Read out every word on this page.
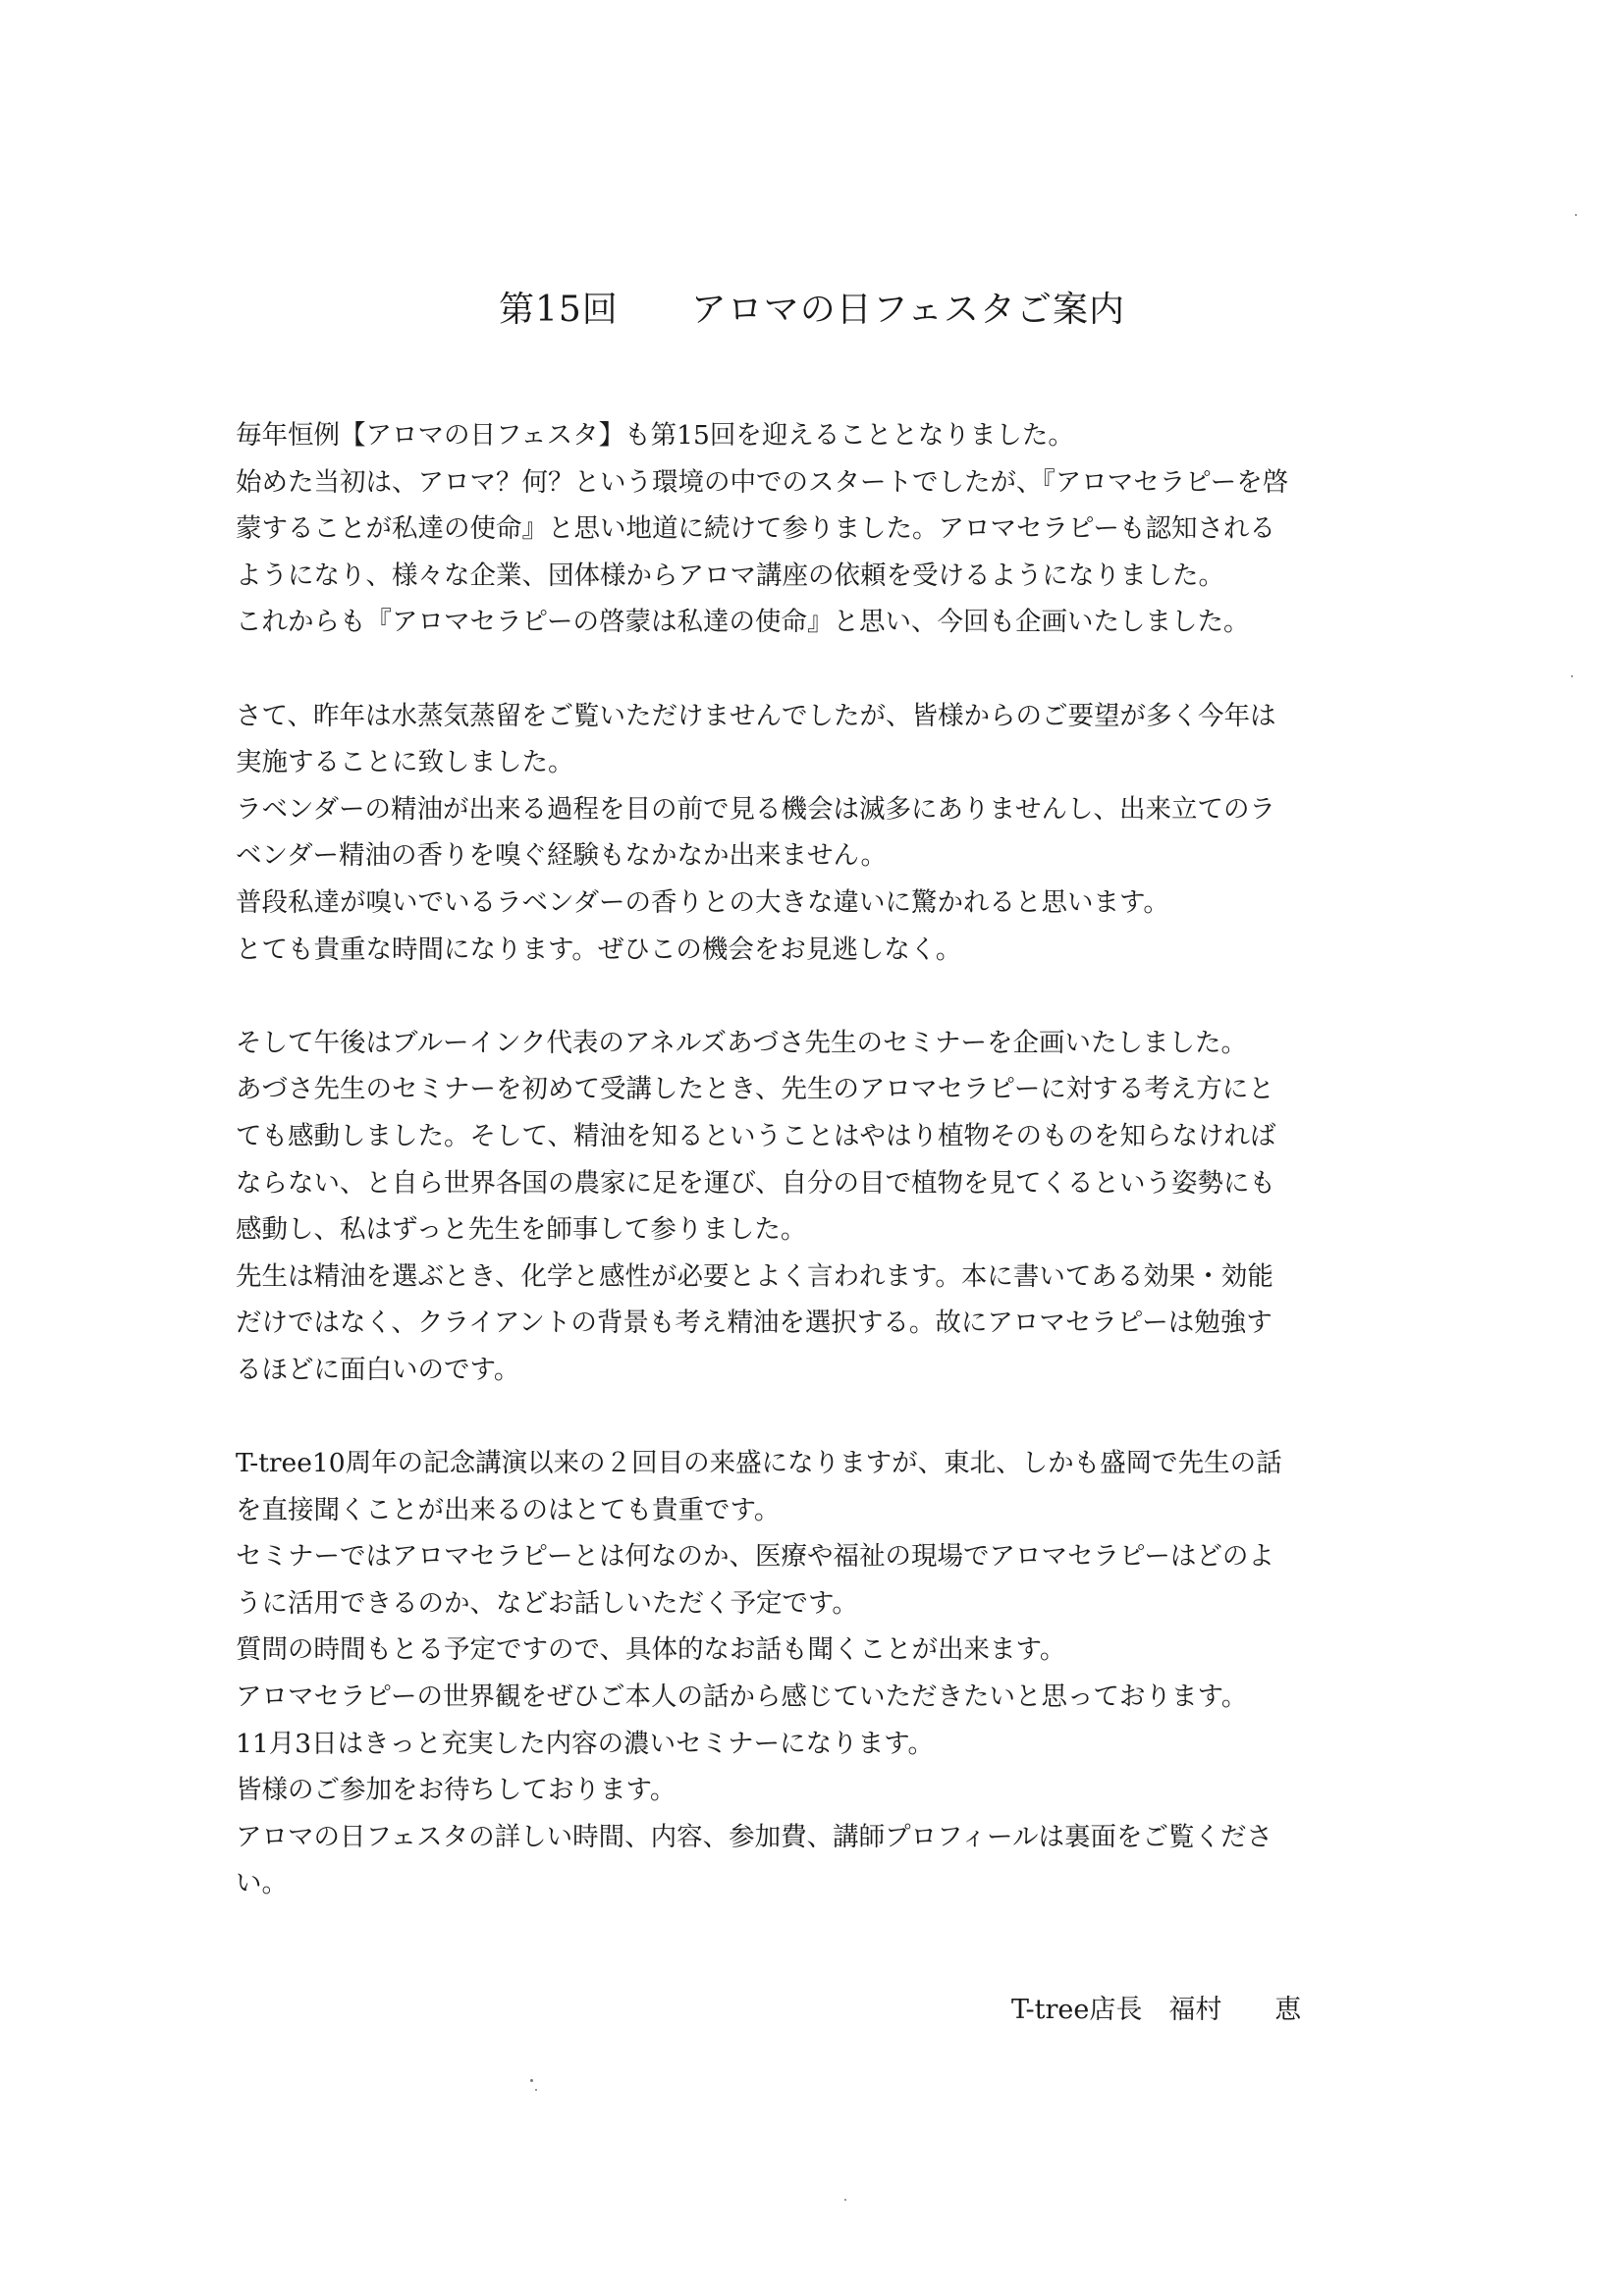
第15回　　アロマの日フェスタご案内
毎年恒例【アロマの日フェスタ】も第15回を迎えることとなりました。
始めた当初は、アロマ？何？という環境の中でのスタートでしたが、『アロマセラピーを啓
蒙することが私達の使命』と思い地道に続けて参りました。アロマセラピーも認知される
ようになり、様々な企業、団体様からアロマ講座の依頼を受けるようになりました。
これからも『アロマセラピーの啓蒙は私達の使命』と思い、今回も企画いたしました。
さて、昨年は水蒸気蒸留をご覧いただけませんでしたが、皆様からのご要望が多く今年は
実施することに致しました。
ラベンダーの精油が出来る過程を目の前で見る機会は滅多にありませんし、出来立てのラ
ベンダー精油の香りを嗅ぐ経験もなかなか出来ません。
普段私達が嗅いでいるラベンダーの香りとの大きな違いに驚かれると思います。
とても貴重な時間になります。ぜひこの機会をお見逃しなく。
そして午後はブルーインク代表のアネルズあづさ先生のセミナーを企画いたしました。
あづさ先生のセミナーを初めて受講したとき、先生のアロマセラピーに対する考え方にと
ても感動しました。そして、精油を知るということはやはり植物そのものを知らなければ
ならない、と自ら世界各国の農家に足を運び、自分の目で植物を見てくるという姿勢にも
感動し、私はずっと先生を師事して参りました。
先生は精油を選ぶとき、化学と感性が必要とよく言われます。本に書いてある効果・効能
だけではなく、クライアントの背景も考え精油を選択する。故にアロマセラピーは勉強す
るほどに面白いのです。
T-tree10周年の記念講演以来の２回目の来盛になりますが、東北、しかも盛岡で先生の話
を直接聞くことが出来るのはとても貴重です。
セミナーではアロマセラピーとは何なのか、医療や福祉の現場でアロマセラピーはどのよ
うに活用できるのか、などお話しいただく予定です。
質問の時間もとる予定ですので、具体的なお話も聞くことが出来ます。
アロマセラピーの世界観をぜひご本人の話から感じていただきたいと思っております。
11月3日はきっと充実した内容の濃いセミナーになります。
皆様のご参加をお待ちしております。
アロマの日フェスタの詳しい時間、内容、参加費、講師プロフィールは裏面をご覧くださ
い。
T-tree店長　福村　　恵
